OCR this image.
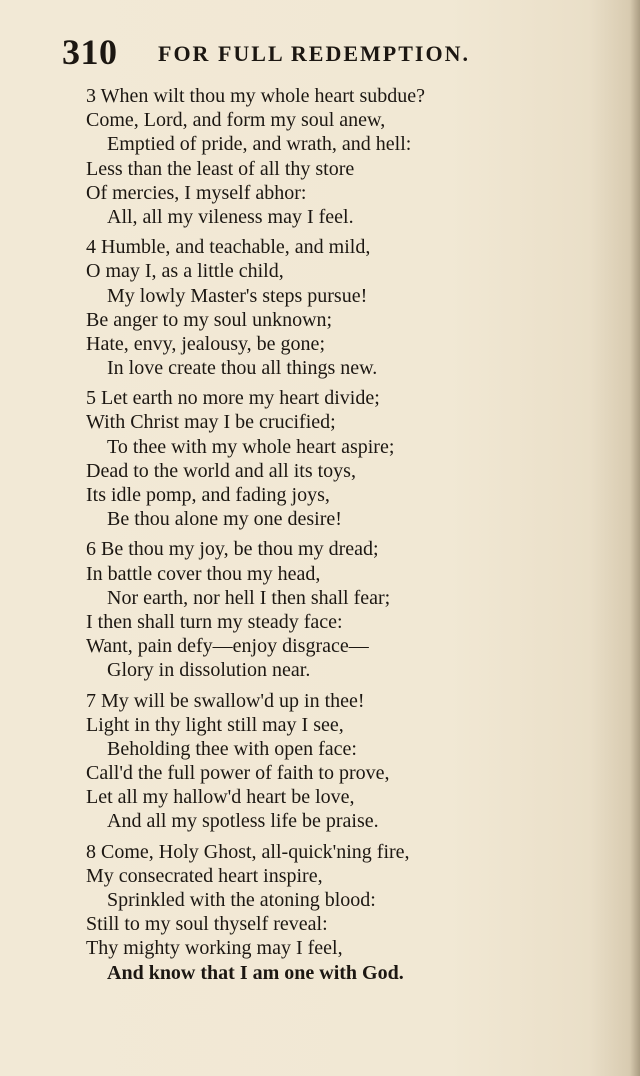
310 FOR FULL REDEMPTION.
3 When wilt thou my whole heart subdue?
Come, Lord, and form my soul anew,
Emptied of pride, and wrath, and hell:
Less than the least of all thy store
Of mercies, I myself abhor:
All, all my vileness may I feel.
4 Humble, and teachable, and mild,
O may I, as a little child,
My lowly Master's steps pursue!
Be anger to my soul unknown;
Hate, envy, jealousy, be gone;
In love create thou all things new.
5 Let earth no more my heart divide;
With Christ may I be crucified;
To thee with my whole heart aspire;
Dead to the world and all its toys,
Its idle pomp, and fading joys,
Be thou alone my one desire!
6 Be thou my joy, be thou my dread;
In battle cover thou my head,
Nor earth, nor hell I then shall fear;
I then shall turn my steady face:
Want, pain defy—enjoy disgrace—
Glory in dissolution near.
7 My will be swallow'd up in thee!
Light in thy light still may I see,
Beholding thee with open face:
Call'd the full power of faith to prove,
Let all my hallow'd heart be love,
And all my spotless life be praise.
8 Come, Holy Ghost, all-quick'ning fire,
My consecrated heart inspire,
Sprinkled with the atoning blood:
Still to my soul thyself reveal:
Thy mighty working may I feel,
And know that I am one with God.
